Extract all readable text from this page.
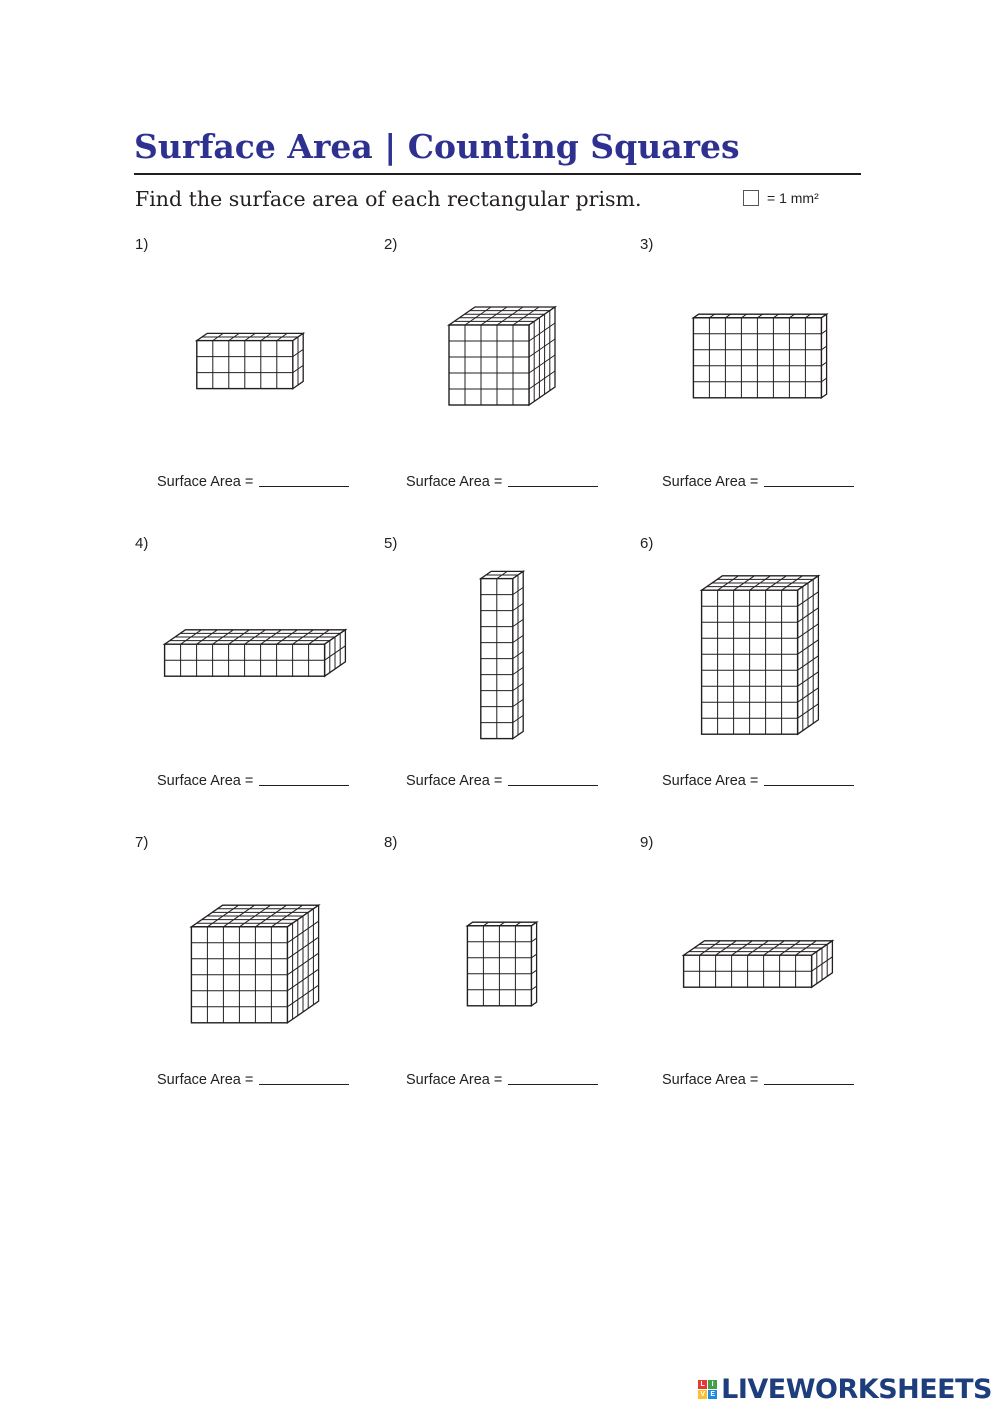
Surface Area | Counting Squares
Find the surface area of each rectangular prism.	= 1 mm²
1)
Surface Area =
2)
Surface Area =
3)
Surface Area =
4)
Surface Area =
5)
Surface Area =
6)
Surface Area =
7)
Surface Area =
8)
Surface Area =
9)
Surface Area =
L I
V E LIVEWORKSHEETS
